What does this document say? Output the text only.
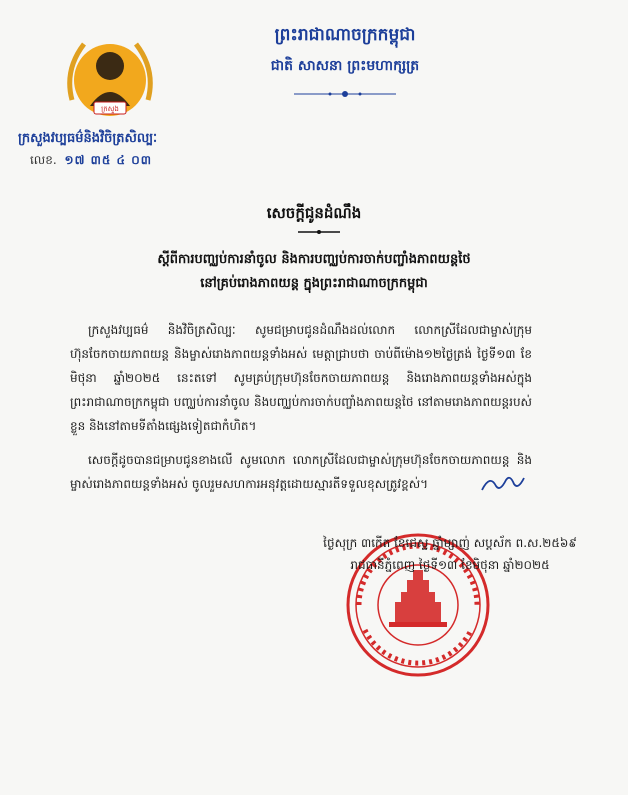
ក្រសួង
ក្រសួងវប្បធម៌និងវិចិត្រសិល្បៈ
លេខ. ១៧ ៣៥ ៤ ០៣
ព្រះរាជាណាចក្រកម្ពុជា
ជាតិ សាសនា ព្រះមហាក្សត្រ
សេចក្ដីជូនដំណឹង
ស្ដីពីការបញ្ឈប់ការនាំចូល និងការបញ្ឈប់ការចាក់បញ្ចាំងភាពយន្តថៃ
នៅគ្រប់រោងភាពយន្ត ក្នុងព្រះរាជាណាចក្រកម្ពុជា
ក្រសួងវប្បធម៌ និងវិចិត្រសិល្បៈ សូមជម្រាបជូនដំណឹងដល់លោក លោកស្រីដែលជាម្ចាស់ក្រុមហ៊ុនចែកចាយភាពយន្ត និងម្ចាស់រោងភាពយន្តទាំងអស់ មេត្តាជ្រាបថា ចាប់ពីម៉ោង១២ថ្ងៃត្រង់ ថ្ងៃទី១៣ ខែមិថុនា ឆ្នាំ២០២៥ នេះតទៅ សូមគ្រប់ក្រុមហ៊ុនចែកចាយភាពយន្ត និងរោងភាពយន្តទាំងអស់ក្នុងព្រះរាជាណាចក្រកម្ពុជា បញ្ឈប់ការនាំចូល និងបញ្ឈប់ការចាក់បញ្ចាំងភាពយន្តថៃ នៅតាមរោងភាពយន្តរបស់ខ្លួន និងនៅតាមទីតាំងផ្សេងទៀតជាកំហិត។
សេចក្ដីដូចបានជម្រាបជូនខាងលើ សូមលោក លោកស្រីដែលជាម្ចាស់ក្រុមហ៊ុនចែកចាយភាពយន្ត និងម្ចាស់រោងភាពយន្តទាំងអស់ ចូលរួមសហការអនុវត្តដោយស្មារតីទទួលខុសត្រូវខ្ពស់។
ថ្ងៃសុក្រ ៣កើត ខែជេស្ឋ ឆ្នាំម្សាញ់ សប្តស័ក ព.ស.២៥៦៩
រាជធានីភ្នំពេញ ថ្ងៃទី១៣ ខែមិថុនា ឆ្នាំ២០២៥
